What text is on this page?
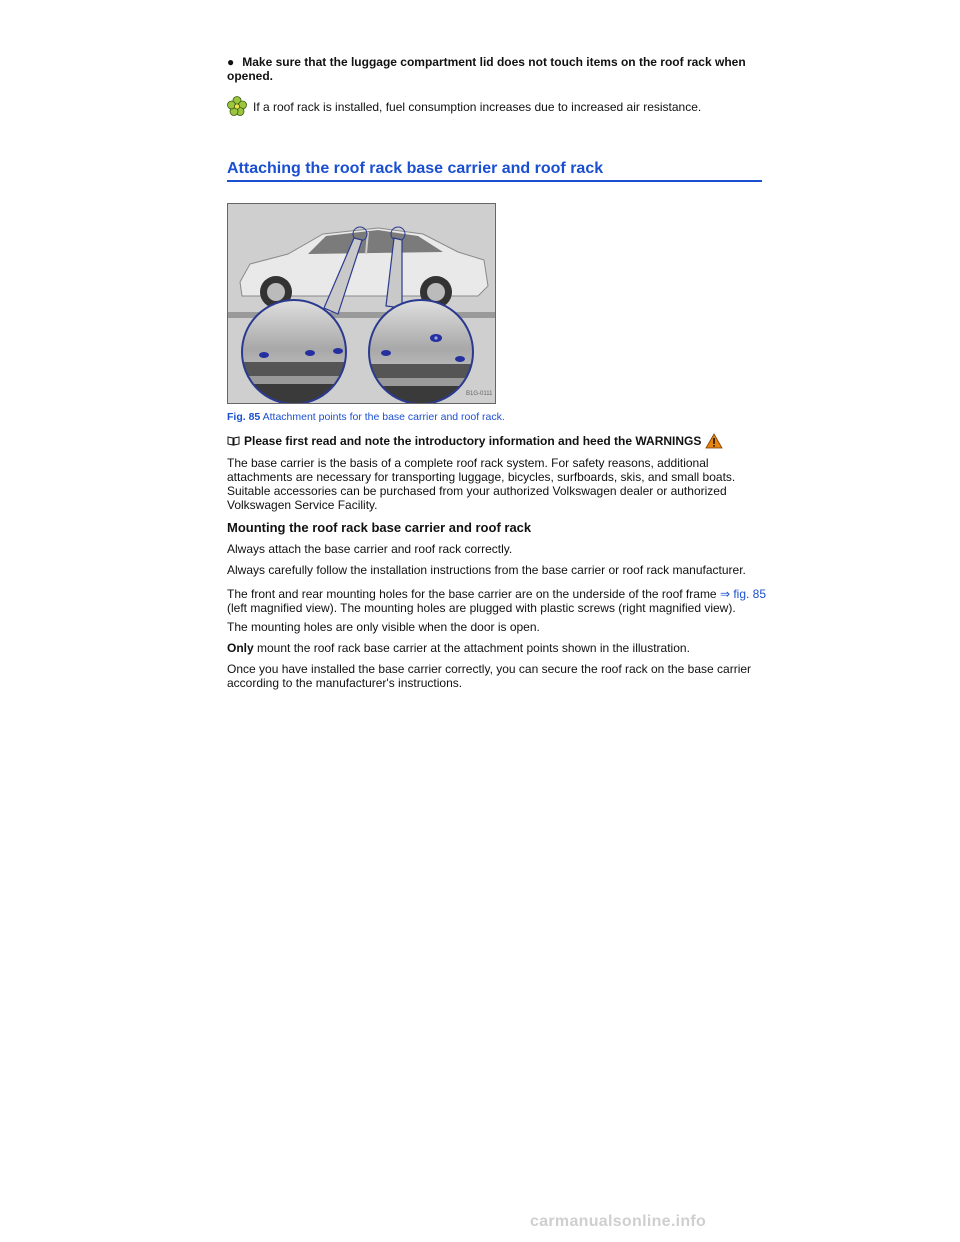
● Make sure that the luggage compartment lid does not touch items on the roof rack when opened.
If a roof rack is installed, fuel consumption increases due to increased air resistance.
Attaching the roof rack base carrier and roof rack
B1G-0111
Fig. 85 Attachment points for the base carrier and roof rack.
Please first read and note the introductory information and heed the WARNINGS
The base carrier is the basis of a complete roof rack system. For safety reasons, additional attachments are necessary for transporting luggage, bicycles, surfboards, skis, and small boats. Suitable accessories can be purchased from your authorized Volkswagen dealer or authorized Volkswagen Service Facility.
Mounting the roof rack base carrier and roof rack
Always attach the base carrier and roof rack correctly.
Always carefully follow the installation instructions from the base carrier or roof rack manufacturer.
The front and rear mounting holes for the base carrier are on the underside of the roof frame ⇒ fig. 85 (left magnified view). The mounting holes are plugged with plastic screws (right magnified view).
The mounting holes are only visible when the door is open.
Only mount the roof rack base carrier at the attachment points shown in the illustration.
Once you have installed the base carrier correctly, you can secure the roof rack on the base carrier according to the manufacturer's instructions.
carmanualsonline.info
